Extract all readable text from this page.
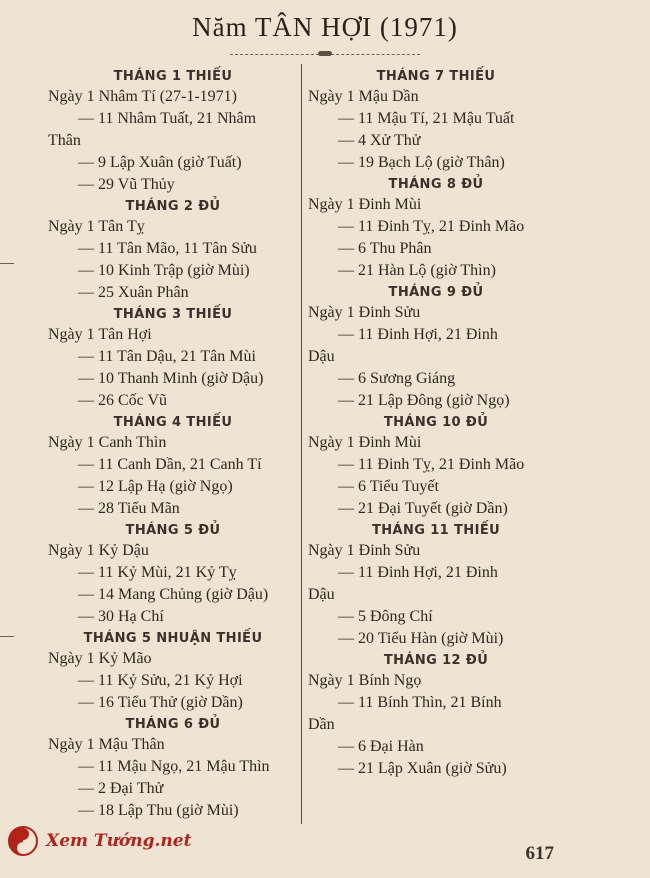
Năm TÂN HỢI (1971)
THÁNG 1 THIẾU
Ngày 1 Nhâm Tí (27-1-1971)
— 11 Nhâm Tuất, 21 Nhâm
Thân
— 9 Lập Xuân (giờ Tuất)
— 29 Vũ Thủy
THÁNG 2 ĐỦ
Ngày 1 Tân Tỵ
— 11 Tân Mão, 11 Tân Sửu
— 10 Kinh Trập (giờ Mùi)
— 25 Xuân Phân
THÁNG 3 THIẾU
Ngày 1 Tân Hợi
— 11 Tân Dậu, 21 Tân Mùi
— 10 Thanh Minh (giờ Dậu)
— 26 Cốc Vũ
THÁNG 4 THIẾU
Ngày 1 Canh Thìn
— 11 Canh Dần, 21 Canh Tí
— 12 Lập Hạ (giờ Ngọ)
— 28 Tiểu Mãn
THÁNG 5 ĐỦ
Ngày 1 Kỷ Dậu
— 11 Kỷ Mùi, 21 Kỷ Tỵ
— 14 Mang Chủng (giờ Dậu)
— 30 Hạ Chí
THÁNG 5 NHUẬN THIẾU
Ngày 1 Kỷ Mão
— 11 Kỷ Sửu, 21 Kỷ Hợi
— 16 Tiểu Thử (giờ Dần)
THÁNG 6 ĐỦ
Ngày 1 Mậu Thân
— 11 Mậu Ngọ, 21 Mậu Thìn
— 2 Đại Thử
— 18 Lập Thu (giờ Mùi)
THÁNG 7 THIẾU
Ngày 1 Mậu Dần
— 11 Mậu Tí, 21 Mậu Tuất
— 4 Xử Thử
— 19 Bạch Lộ (giờ Thân)
THÁNG 8 ĐỦ
Ngày 1 Đinh Mùi
— 11 Đinh Tỵ, 21 Đinh Mão
— 6 Thu Phân
— 21 Hàn Lộ (giờ Thìn)
THÁNG 9 ĐỦ
Ngày 1 Đinh Sửu
— 11 Đinh Hợi, 21 Đinh
Dậu
— 6 Sương Giáng
— 21 Lập Đông (giờ Ngọ)
THÁNG 10 ĐỦ
Ngày 1 Đinh Mùi
— 11 Đinh Tỵ, 21 Đinh Mão
— 6 Tiểu Tuyết
— 21 Đại Tuyết (giờ Dần)
THÁNG 11 THIẾU
Ngày 1 Đinh Sửu
— 11 Đinh Hợi, 21 Đinh
Dậu
— 5 Đông Chí
— 20 Tiểu Hàn (giờ Mùi)
THÁNG 12 ĐỦ
Ngày 1 Bính Ngọ
— 11 Bính Thìn, 21 Bính
Dần
— 6 Đại Hàn
— 21 Lập Xuân (giờ Sửu)
Xem Tướng.net
617
